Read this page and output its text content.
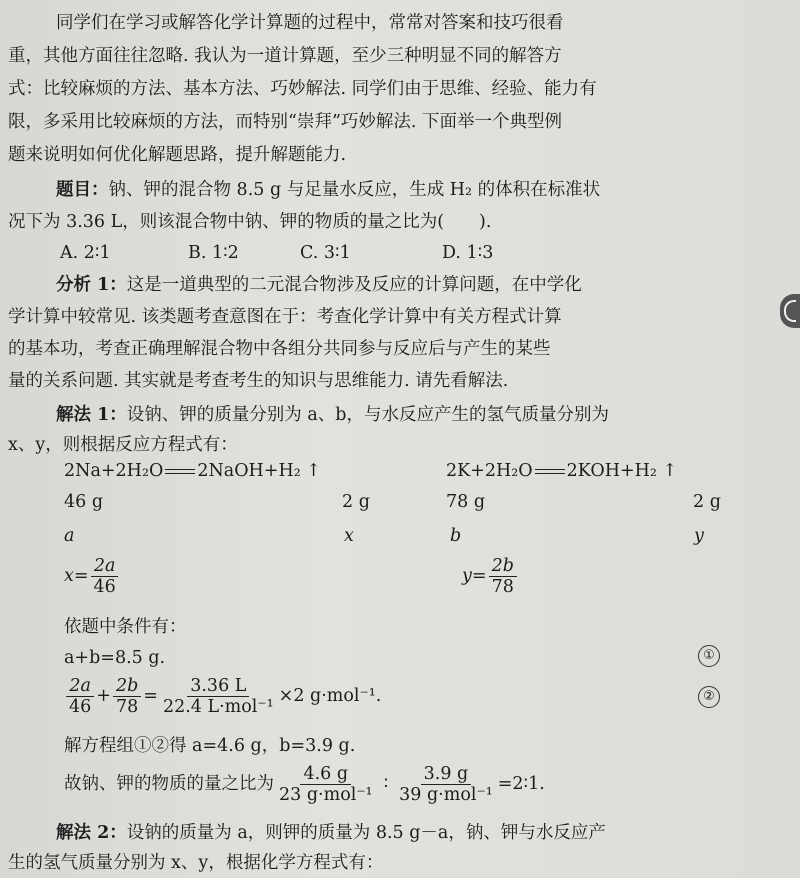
同学们在学习或解答化学计算题的过程中，常常对答案和技巧很看
重，其他方面往往忽略. 我认为一道计算题，至少三种明显不同的解答方
式：比较麻烦的方法、基本方法、巧妙解法. 同学们由于思维、经验、能力有
限，多采用比较麻烦的方法，而特别“崇拜”巧妙解法. 下面举一个典型例
题来说明如何优化解题思路，提升解题能力.
题目：钠、钾的混合物 8.5 g 与足量水反应，生成 H₂ 的体积在标准状
况下为 3.36 L，则该混合物中钠、钾的物质的量之比为(　　).
A. 2∶1	B. 1∶2	C. 3∶1	D. 1∶3
分析 1：这是一道典型的二元混合物涉及反应的计算问题，在中学化
学计算中较常见. 该类题考查意图在于：考查化学计算中有关方程式计算
的基本功，考查正确理解混合物中各组分共同参与反应后与产生的某些
量的关系问题. 其实就是考查考生的知识与思维能力. 请先看解法.
解法 1：设钠、钾的质量分别为 a、b，与水反应产生的氢气质量分别为
x、y，则根据反应方程式有：
2Na+2H₂O 2NaOH+H₂ ↑
46 g	2 g
a	x
2K+2H₂O 2KOH+H₂ ↑
78 g	2 g
b	y
$x= \frac{2a}{46}$	$y= \frac{2b}{78}$
依题中条件有：
a+b=8.5 g.	①
$\frac{2a}{46} + \frac{2b}{78} = \frac{3.36 L}{\text{22.4 L·mol⁻¹}} \times 2$ g·mol⁻¹.	②
解方程组①②得 a=4.6 g，b=3.9 g.
故钠、钾的物质的量之比为 $\frac{4.6 g}{\text{23 g·mol⁻¹}}$ ∶ $\frac{3.9 g}{\text{39 g·mol⁻¹}}$ =2∶1.
解法 2：设钠的质量为 a，则钾的质量为 8.5 g－a，钠、钾与水反应产
生的氢气质量分别为 x、y，根据化学方程式有：
